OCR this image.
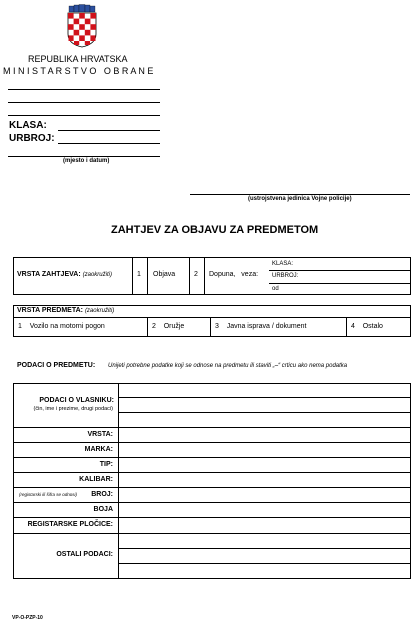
REPUBLIKA HRVATSKA
M I N I S T A R S T V O   O B R A N E
KLASA:
URBROJ:
(mjesto i datum)
(ustrojstvena jedinica Vojne policije)
ZAHTJEV ZA OBJAVU ZA PREDMETOM
VRSTA ZAHTJEVA: (zaokružiti)	1 Objava	2 Dopuna,   veza:
KLASA:
URBROJ:
od
VRSTA PREDMETA: (zaokružiti)
1 Vozilo na motorni pogon	2 Oružje	3 Javna isprava / dokument	4 Ostalo
PODACI O PREDMETU: Unijeti potrebne podatke koji se odnose na predmetu ili staviti „–“ crticu ako nema podatka
PODACI O VLASNIKU:
(čin, ime i prezime, drugi podaci)
VRSTA:
MARKA:
TIP:
KALIBAR:
(registarski ili šifra se odnosi) BROJ:
BOJA
REGISTARSKE PLOČICE:
OSTALI PODACI:
VP-O-PZP-10
